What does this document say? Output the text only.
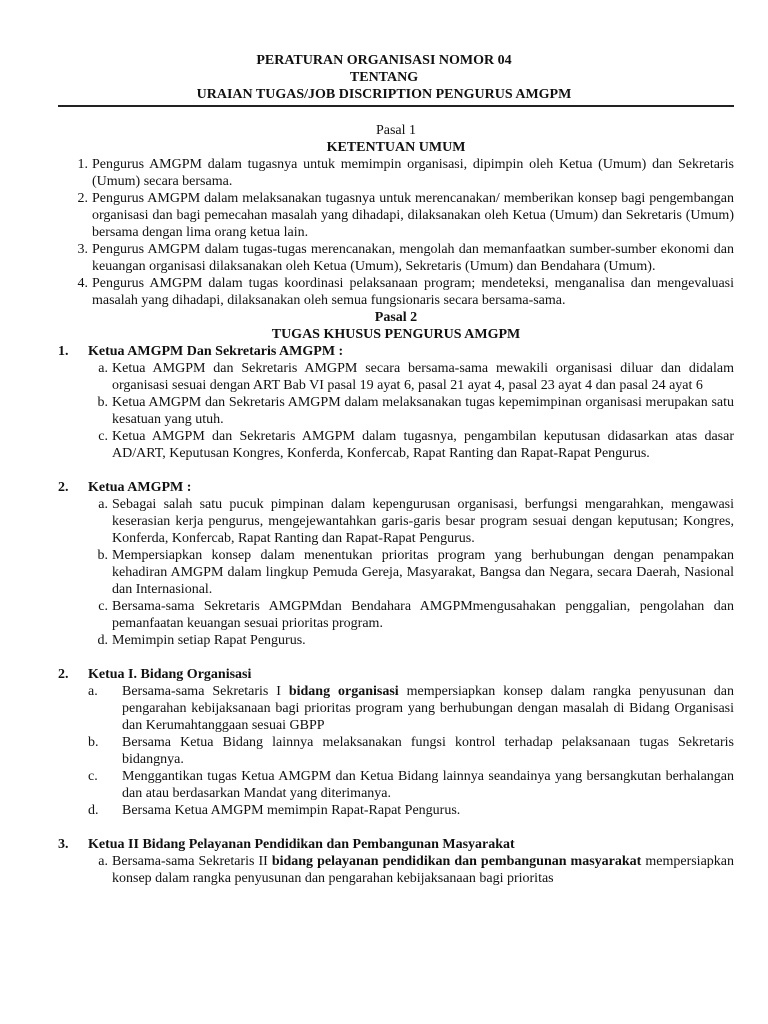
PERATURAN ORGANISASI NOMOR 04
TENTANG
URAIAN TUGAS/JOB DISCRIPTION PENGURUS AMGPM
Pasal 1
KETENTUAN UMUM
1. Pengurus AMGPM dalam tugasnya untuk memimpin organisasi, dipimpin oleh Ketua (Umum) dan Sekretaris (Umum) secara bersama.
2. Pengurus AMGPM dalam melaksanakan tugasnya untuk merencanakan/ memberikan konsep bagi pengembangan organisasi dan bagi pemecahan masalah yang dihadapi, dilaksanakan oleh Ketua (Umum) dan Sekretaris (Umum) bersama dengan lima orang ketua lain.
3. Pengurus AMGPM dalam tugas-tugas merencanakan, mengolah dan memanfaatkan sumber-sumber ekonomi dan keuangan organisasi dilaksanakan oleh Ketua (Umum), Sekretaris (Umum) dan Bendahara (Umum).
4. Pengurus AMGPM dalam tugas koordinasi pelaksanaan program; mendeteksi, menganalisa dan mengevaluasi masalah yang dihadapi, dilaksanakan oleh semua fungsionaris secara bersama-sama.
Pasal 2
TUGAS KHUSUS PENGURUS AMGPM
1.	Ketua AMGPM Dan Sekretaris AMGPM :
a. Ketua AMGPM dan Sekretaris AMGPM secara bersama-sama mewakili organisasi diluar dan didalam organisasi sesuai dengan ART Bab VI pasal 19 ayat 6, pasal 21 ayat 4, pasal 23 ayat 4 dan pasal 24 ayat 6
b. Ketua AMGPM dan Sekretaris AMGPM dalam melaksanakan tugas kepemimpinan organisasi merupakan satu kesatuan yang utuh.
c. Ketua AMGPM dan Sekretaris AMGPM dalam tugasnya, pengambilan keputusan didasarkan atas dasar AD/ART, Keputusan Kongres, Konferda, Konfercab, Rapat Ranting dan Rapat-Rapat Pengurus.
2.	Ketua AMGPM :
a. Sebagai salah satu pucuk pimpinan dalam kepengurusan organisasi, berfungsi mengarahkan, mengawasi keserasian kerja pengurus, mengejewantahkan garis-garis besar program sesuai dengan keputusan; Kongres, Konferda, Konfercab, Rapat Ranting dan Rapat-Rapat Pengurus.
b. Mempersiapkan konsep dalam menentukan prioritas program yang berhubungan dengan penampakan kehadiran AMGPM dalam lingkup Pemuda Gereja, Masyarakat, Bangsa dan Negara, secara Daerah, Nasional dan Internasional.
c. Bersama-sama Sekretaris AMGPMdan Bendahara AMGPMmengusahakan penggalian, pengolahan dan pemanfaatan keuangan sesuai prioritas program.
d. Memimpin setiap Rapat Pengurus.
2.	Ketua I. Bidang Organisasi
a.	Bersama-sama Sekretaris I bidang organisasi mempersiapkan konsep dalam rangka penyusunan dan pengarahan kebijaksanaan bagi prioritas program yang berhubungan dengan masalah di Bidang Organisasi dan Kerumahtanggaan sesuai GBPP
b.	Bersama Ketua Bidang lainnya melaksanakan fungsi kontrol terhadap pelaksanaan tugas Sekretaris bidangnya.
c.	Menggantikan tugas Ketua AMGPM dan Ketua Bidang lainnya seandainya yang bersangkutan berhalangan dan atau berdasarkan Mandat yang diterimanya.
d.	Bersama Ketua AMGPM memimpin Rapat-Rapat Pengurus.
3.	Ketua II Bidang Pelayanan Pendidikan dan Pembangunan Masyarakat
a. Bersama-sama Sekretaris II bidang pelayanan pendidikan dan pembangunan masyarakat mempersiapkan konsep dalam rangka penyusunan dan pengarahan kebijaksanaan bagi prioritas
